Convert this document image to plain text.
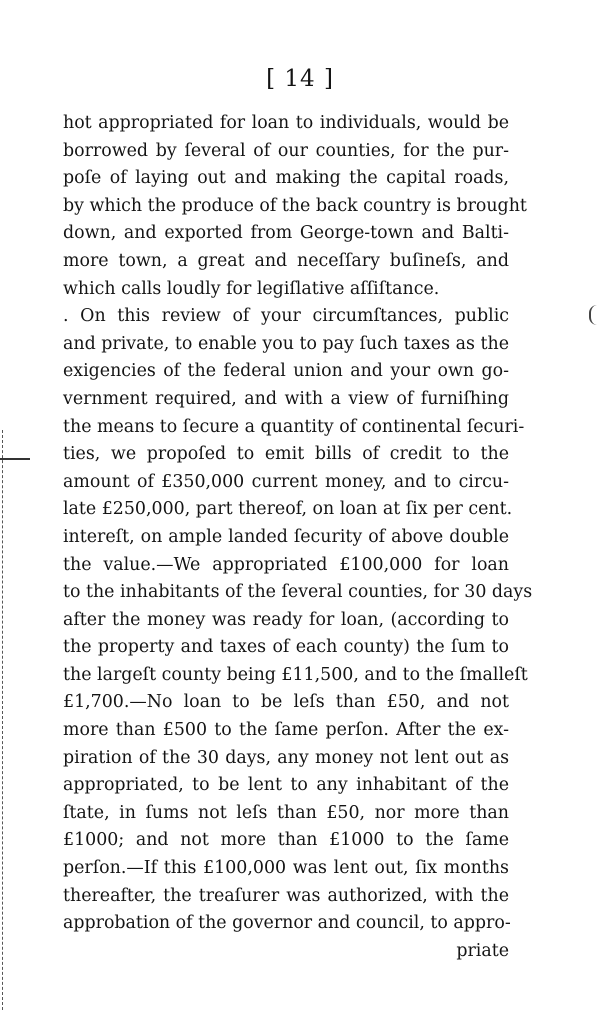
[ 14 ]
hot appropriated for loan to individuals, would be
borrowed by ſeveral of our counties, for the pur-
poſe of laying out and making the capital roads,
by which the produce of the back country is brought
down, and exported from George-town and Balti-
more town, a great and neceſſary buſineſs, and
which calls loudly for legiſlative aſſiſtance.
. On this review of your circumſtances, public
and private, to enable you to pay ſuch taxes as the
exigencies of the federal union and your own go-
vernment required, and with a view of furniſhing
the means to ſecure a quantity of continental ſecuri-
ties, we propoſed to emit bills of credit to the
amount of £350,000 current money, and to circu-
late £250,000, part thereof, on loan at ſix per cent.
intereſt, on ample landed ſecurity of above double
the value.—We appropriated £100,000 for loan
to the inhabitants of the ſeveral counties, for 30 days
after the money was ready for loan, (according to
the property and taxes of each county) the ſum to
the largeſt county being £11,500, and to the ſmalleſt
£1,700.—No loan to be leſs than £50, and not
more than £500 to the ſame perſon. After the ex-
piration of the 30 days, any money not lent out as
appropriated, to be lent to any inhabitant of the
ſtate, in ſums not leſs than £50, nor more than
£1000; and not more than £1000 to the ſame
perſon.—If this £100,000 was lent out, ſix months
thereafter, the treaſurer was authorized, with the
approbation of the governor and council, to appro-
priate
